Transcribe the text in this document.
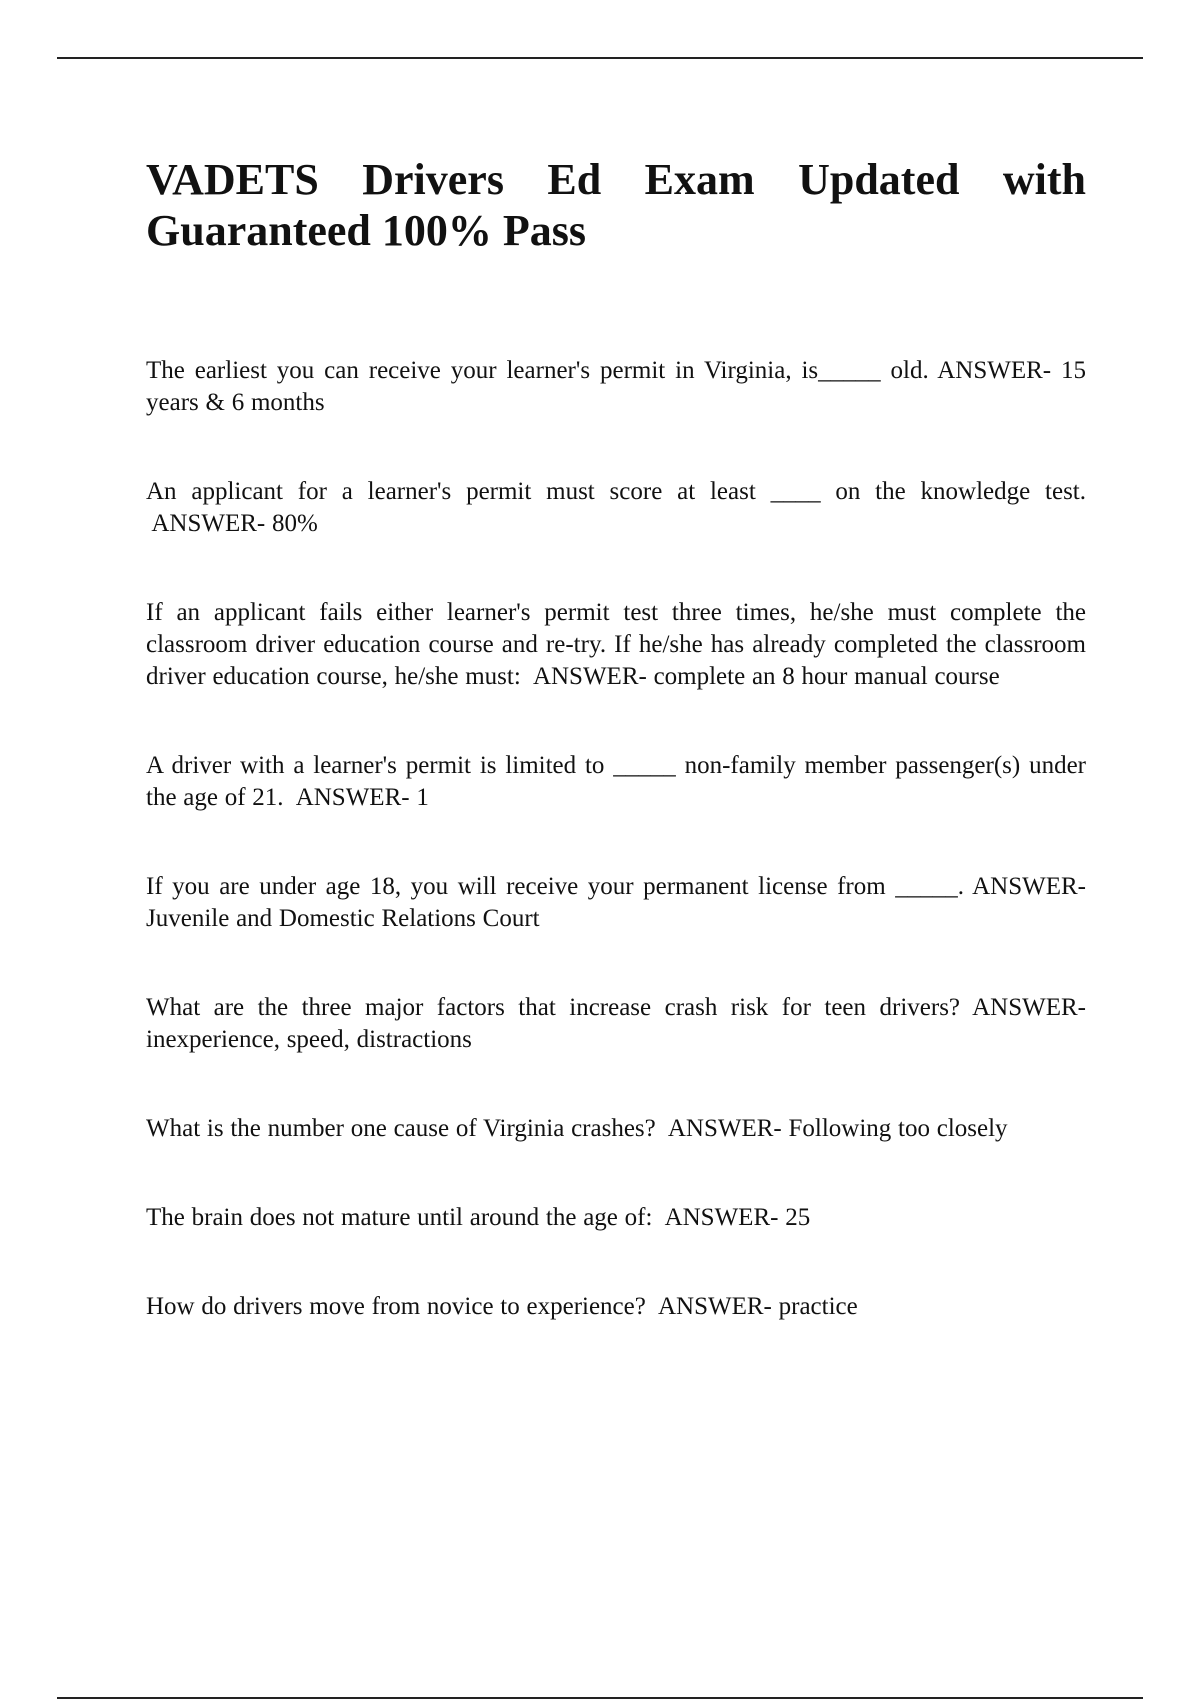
VADETS Drivers Ed Exam Updated with Guaranteed 100% Pass

The earliest you can receive your learner's permit in Virginia, is_____ old. ANSWER- 15 years & 6 months

An applicant for a learner's permit must score at least ____ on the knowledge test. ANSWER- 80%

If an applicant fails either learner's permit test three times, he/she must complete the classroom driver education course and re-try. If he/she has already completed the classroom driver education course, he/she must: ANSWER- complete an 8 hour manual course

A driver with a learner's permit is limited to _____ non-family member passenger(s) under the age of 21. ANSWER- 1

If you are under age 18, you will receive your permanent license from _____. ANSWER- Juvenile and Domestic Relations Court

What are the three major factors that increase crash risk for teen drivers? ANSWER- inexperience, speed, distractions

What is the number one cause of Virginia crashes? ANSWER- Following too closely

The brain does not mature until around the age of: ANSWER- 25

How do drivers move from novice to experience? ANSWER- practice
